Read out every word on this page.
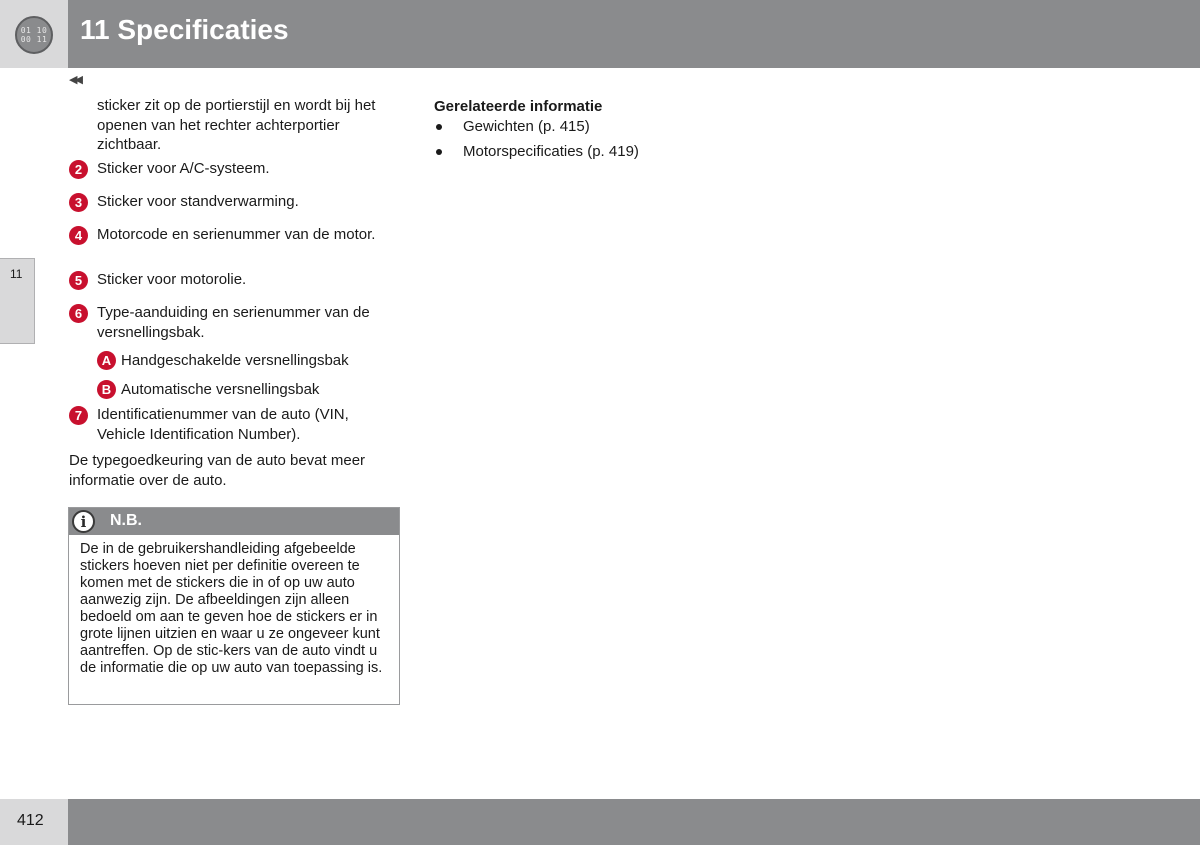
01 10
00 11 11 Specificaties
11
◀◀
sticker zit op de portierstijl en wordt bij het openen van het rechter achterportier zichtbaar.
2 Sticker voor A/C-systeem.
3 Sticker voor standverwarming.
4 Motorcode en serienummer van de motor.
5 Sticker voor motorolie.
6 Type-aanduiding en serienummer van de versnellingsbak.
A Handgeschakelde versnellingsbak
B Automatische versnellingsbak
7 Identificatienummer van de auto (VIN, Vehicle Identification Number).
De typegoedkeuring van de auto bevat meer informatie over de auto.
i	N.B.
De in de gebruikershandleiding afgebeelde stickers hoeven niet per definitie overeen te komen met de stickers die in of op uw auto aanwezig zijn. De afbeeldingen zijn alleen bedoeld om aan te geven hoe de stickers er in grote lijnen uitzien en waar u ze ongeveer kunt aantreffen. Op de stic-kers van de auto vindt u de informatie die op uw auto van toepassing is.
Gerelateerde informatie
Gewichten (p. 415)
Motorspecificaties (p. 419)
412
